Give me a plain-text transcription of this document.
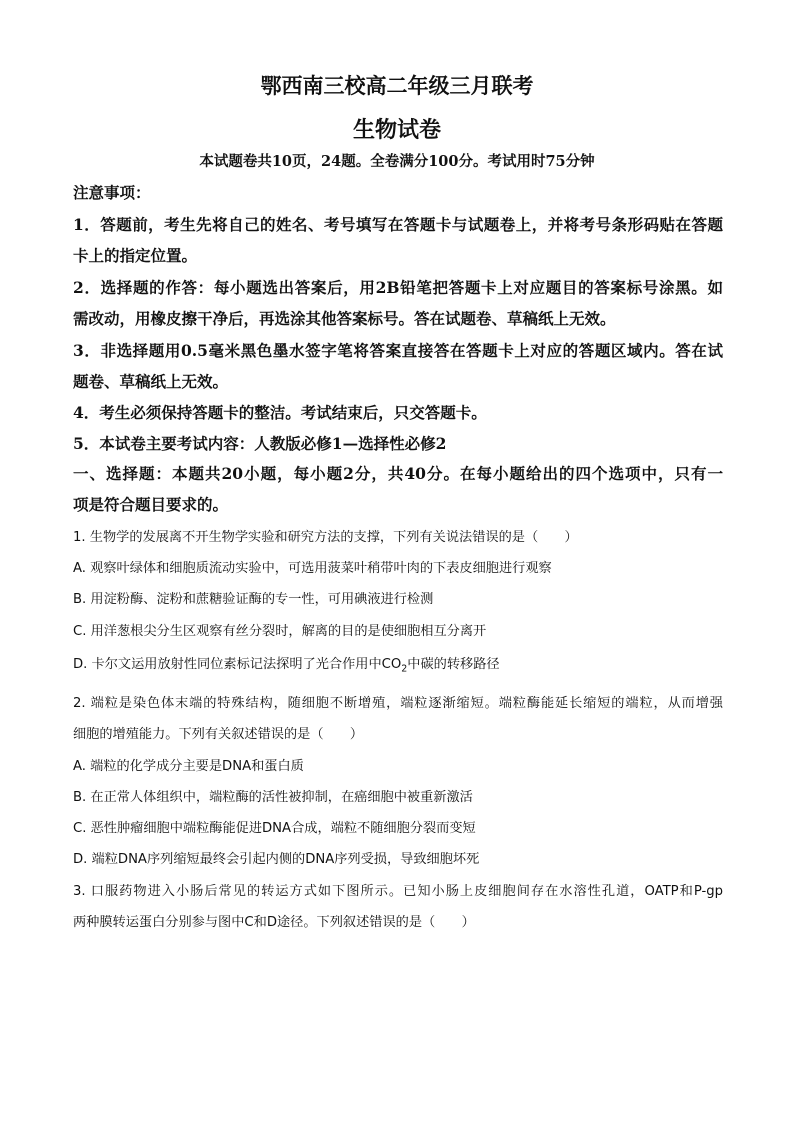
鄂西南三校高二年级三月联考
生物试卷
本试题卷共10页，24题。全卷满分100分。考试用时75分钟
注意事项：
1．答题前，考生先将自己的姓名、考号填写在答题卡与试题卷上，并将考号条形码贴在答题
卡上的指定位置。
2．选择题的作答：每小题选出答案后，用2B铅笔把答题卡上对应题目的答案标号涂黑。如
需改动，用橡皮擦干净后，再选涂其他答案标号。答在试题卷、草稿纸上无效。
3．非选择题用0.5毫米黑色墨水签字笔将答案直接答在答题卡上对应的答题区域内。答在试
题卷、草稿纸上无效。
4．考生必须保持答题卡的整洁。考试结束后，只交答题卡。
5．本试卷主要考试内容：人教版必修1—选择性必修2
一、选择题：本题共20小题，每小题2分，共40分。在每小题给出的四个选项中，只有一
项是符合题目要求的。
1. 生物学的发展离不开生物学实验和研究方法的支撑，下列有关说法错误的是（　　）
A. 观察叶绿体和细胞质流动实验中，可选用菠菜叶稍带叶肉的下表皮细胞进行观察
B. 用淀粉酶、淀粉和蔗糖验证酶的专一性，可用碘液进行检测
C. 用洋葱根尖分生区观察有丝分裂时，解离的目的是使细胞相互分离开
D. 卡尔文运用放射性同位素标记法探明了光合作用中$CO_2$中碳的转移路径
2. 端粒是染色体末端的特殊结构，随细胞不断增殖，端粒逐渐缩短。端粒酶能延长缩短的端粒，从而增强
细胞的增殖能力。下列有关叙述错误的是（　　）
A. 端粒的化学成分主要是DNA和蛋白质
B. 在正常人体组织中，端粒酶的活性被抑制，在癌细胞中被重新激活
C. 恶性肿瘤细胞中端粒酶能促进DNA合成，端粒不随细胞分裂而变短
D. 端粒DNA序列缩短最终会引起内侧的DNA序列受损，导致细胞坏死
3. 口服药物进入小肠后常见的转运方式如下图所示。已知小肠上皮细胞间存在水溶性孔道，OATP和P-gp
两种膜转运蛋白分别参与图中C和D途径。下列叙述错误的是（　　）
